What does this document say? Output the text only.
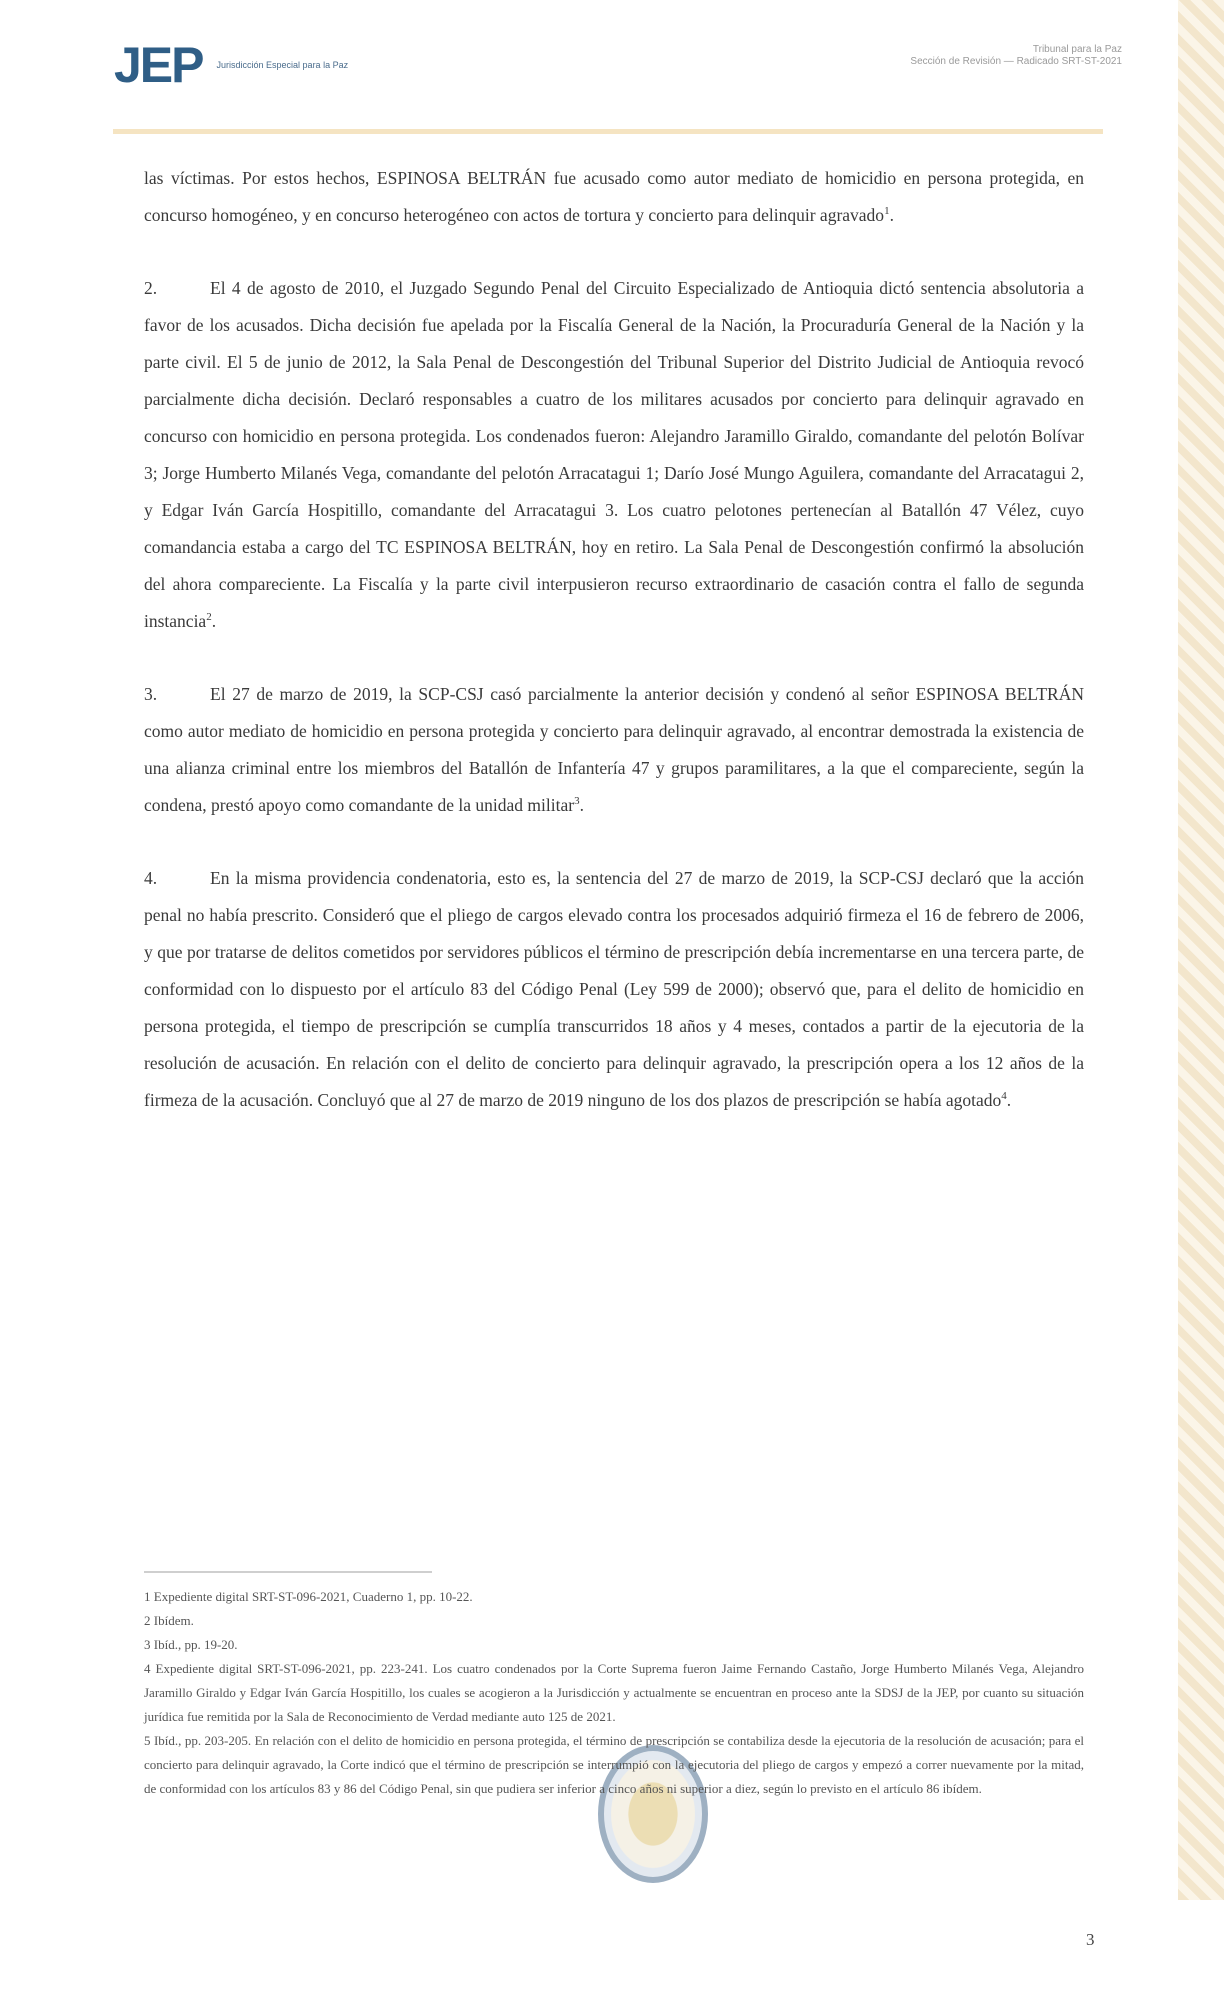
JEP Jurisdicción Especial para la Paz
Tribunal para la Paz
Sección de Revisión — Radicado SRT-ST-2021

las víctimas. Por estos hechos, ESPINOSA BELTRÁN fue acusado como autor mediato de homicidio en persona protegida, en concurso homogéneo, y en concurso heterogéneo con actos de tortura y concierto para delinquir agravado$^1$.

2.	El 4 de agosto de 2010, el Juzgado Segundo Penal del Circuito Especializado de Antioquia dictó sentencia absolutoria a favor de los acusados. Dicha decisión fue apelada por la Fiscalía General de la Nación, la Procuraduría General de la Nación y la parte civil. El 5 de junio de 2012, la Sala Penal de Descongestión del Tribunal Superior del Distrito Judicial de Antioquia revocó parcialmente dicha decisión. Declaró responsables a cuatro de los militares acusados por concierto para delinquir agravado en concurso con homicidio en persona protegida. Los condenados fueron: Alejandro Jaramillo Giraldo, comandante del pelotón Bolívar 3; Jorge Humberto Milanés Vega, comandante del pelotón Arracatagui 1; Darío José Mungo Aguilera, comandante del Arracatagui 2, y Edgar Iván García Hospitillo, comandante del Arracatagui 3. Los cuatro pelotones pertenecían al Batallón 47 Vélez, cuyo comandancia estaba a cargo del TC ESPINOSA BELTRÁN, hoy en retiro. La Sala Penal de Descongestión confirmó la absolución del ahora compareciente. La Fiscalía y la parte civil interpusieron recurso extraordinario de casación contra el fallo de segunda instancia$^2$.

3.	El 27 de marzo de 2019, la SCP-CSJ casó parcialmente la anterior decisión y condenó al señor ESPINOSA BELTRÁN como autor mediato de homicidio en persona protegida y concierto para delinquir agravado, al encontrar demostrada la existencia de una alianza criminal entre los miembros del Batallón de Infantería 47 y grupos paramilitares, a la que el compareciente, según la condena, prestó apoyo como comandante de la unidad militar$^3$.

4.	En la misma providencia condenatoria, esto es, la sentencia del 27 de marzo de 2019, la SCP-CSJ declaró que la acción penal no había prescrito. Consideró que el pliego de cargos elevado contra los procesados adquirió firmeza el 16 de febrero de 2006, y que por tratarse de delitos cometidos por servidores públicos el término de prescripción debía incrementarse en una tercera parte, de conformidad con lo dispuesto por el artículo 83 del Código Penal (Ley 599 de 2000); observó que, para el delito de homicidio en persona protegida, el tiempo de prescripción se cumplía transcurridos 18 años y 4 meses, contados a partir de la ejecutoria de la resolución de acusación. En relación con el delito de concierto para delinquir agravado, la prescripción opera a los 12 años de la firmeza de la acusación. Concluyó que al 27 de marzo de 2019 ninguno de los dos plazos de prescripción se había agotado$^4$.

1 Expediente digital SRT-ST-096-2021, Cuaderno 1, pp. 10-22.
2 Ibídem.
3 Ibíd., pp. 19-20.
4 Expediente digital SRT-ST-096-2021, pp. 223-241. Los cuatro condenados por la Corte Suprema fueron Jaime Fernando Castaño, Jorge Humberto Milanés Vega, Alejandro Jaramillo Giraldo y Edgar Iván García Hospitillo, los cuales se acogieron a la Jurisdicción y actualmente se encuentran en proceso ante la SDSJ de la JEP, por cuanto su situación jurídica fue remitida por la Sala de Reconocimiento de Verdad mediante auto 125 de 2021.
5 Ibíd., pp. 203-205. En relación con el delito de homicidio en persona protegida, el término de prescripción se contabiliza desde la ejecutoria de la resolución de acusación; para el concierto para delinquir agravado, la Corte indicó que el término de prescripción se interrumpió con la ejecutoria del pliego de cargos y empezó a correr nuevamente por la mitad, de conformidad con los artículos 83 y 86 del Código Penal, sin que pudiera ser inferior a cinco años ni superior a diez, según lo previsto en el artículo 86 ibídem.
3
